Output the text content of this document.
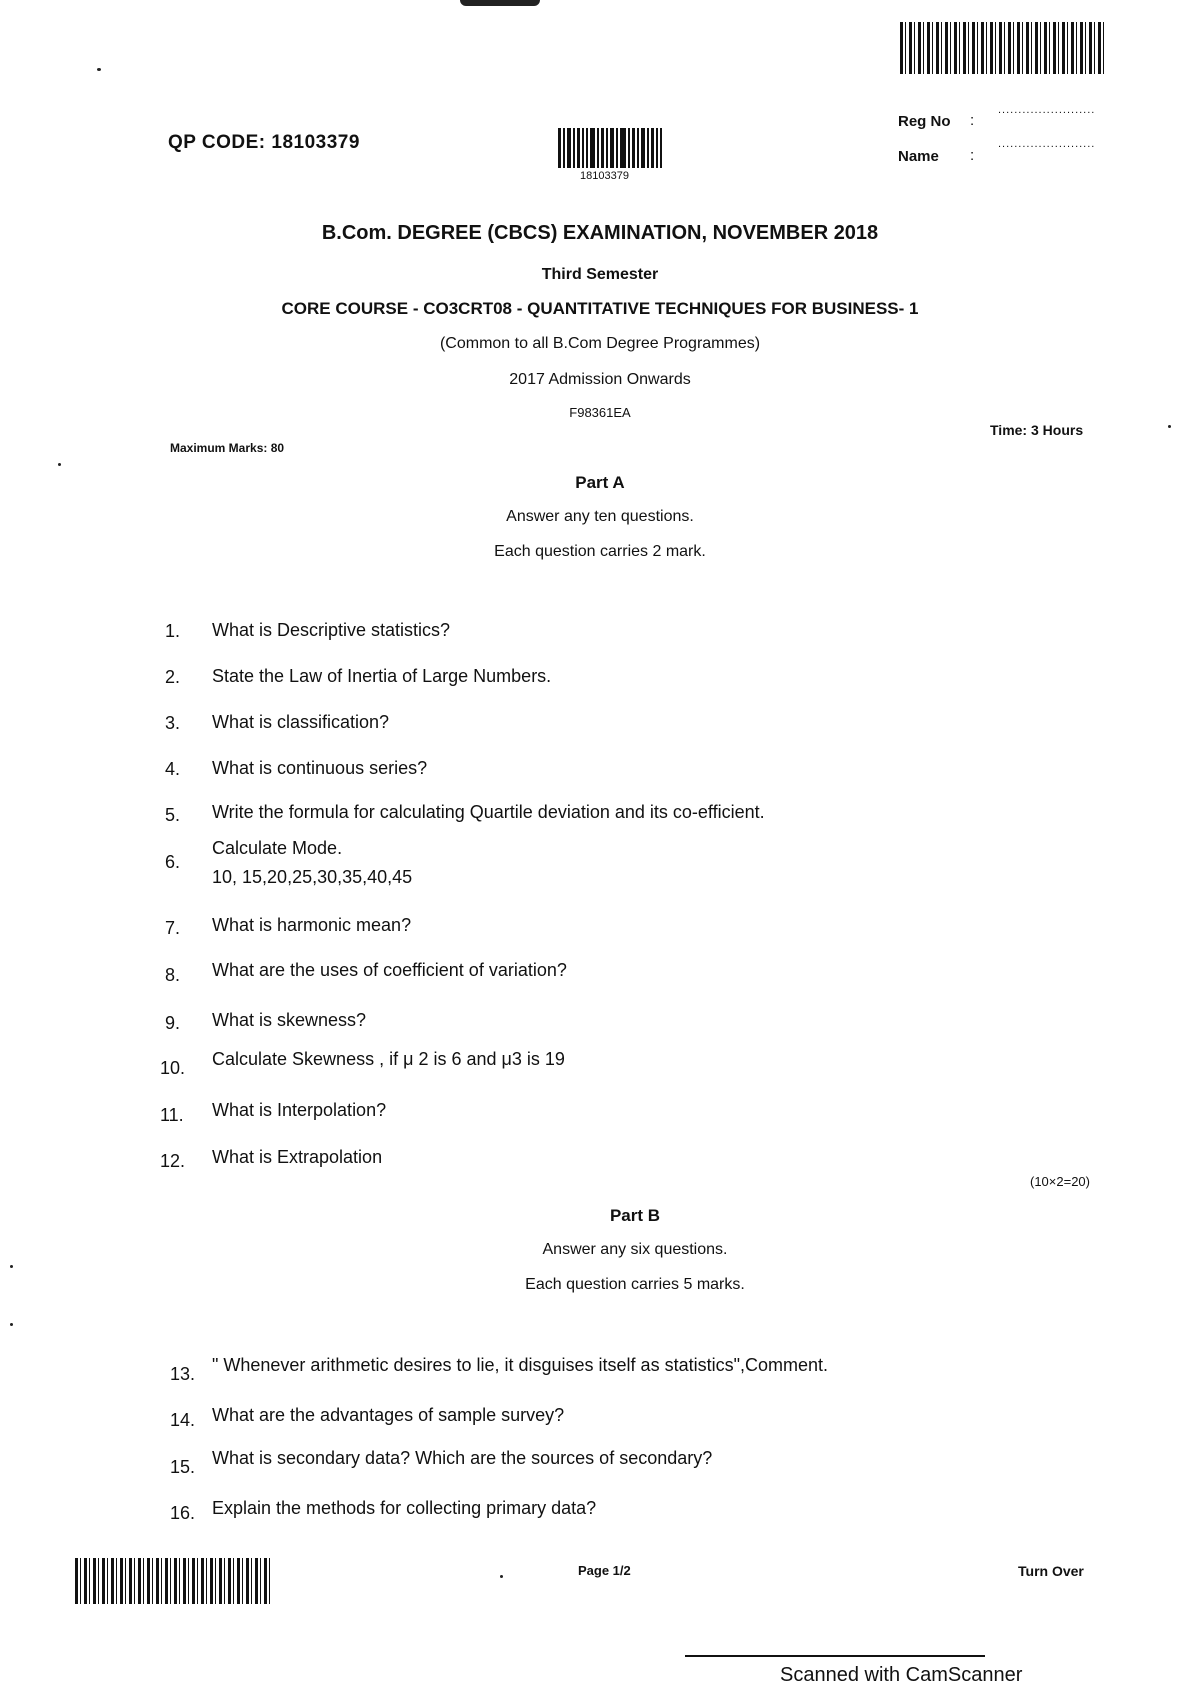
QP CODE: 18103379
18103379
Reg No :
........................
Name :
........................
B.Com. DEGREE (CBCS) EXAMINATION, NOVEMBER 2018
Third Semester
CORE COURSE - CO3CRT08 - QUANTITATIVE TECHNIQUES FOR BUSINESS- 1
(Common to all B.Com Degree Programmes)
2017 Admission Onwards
F98361EA
Time: 3 Hours
Maximum Marks: 80
Part A
Answer any ten questions.
Each question carries 2 mark.
1.	What is Descriptive statistics?
2.	State the Law of Inertia of Large Numbers.
3.	What is classification?
4.	What is continuous series?
5.	Write the formula for calculating Quartile deviation and its co-efficient.
6.
Calculate Mode.
10, 15,20,25,30,35,40,45
7.	What is harmonic mean?
8.	What are the uses of coefficient of variation?
9.	What is skewness?
10.	Calculate Skewness , if μ 2 is 6 and μ3 is 19
11.	What is Interpolation?
12.	What is Extrapolation
(10×2=20)
Part B
Answer any six questions.
Each question carries 5 marks.
13. " Whenever arithmetic desires to lie, it disguises itself as statistics",Comment.
14. What are the advantages of sample survey?
15. What is secondary data? Which are the sources of secondary?
16. Explain the methods for collecting primary data?
Page 1/2	Turn Over
Scanned with CamScanner
